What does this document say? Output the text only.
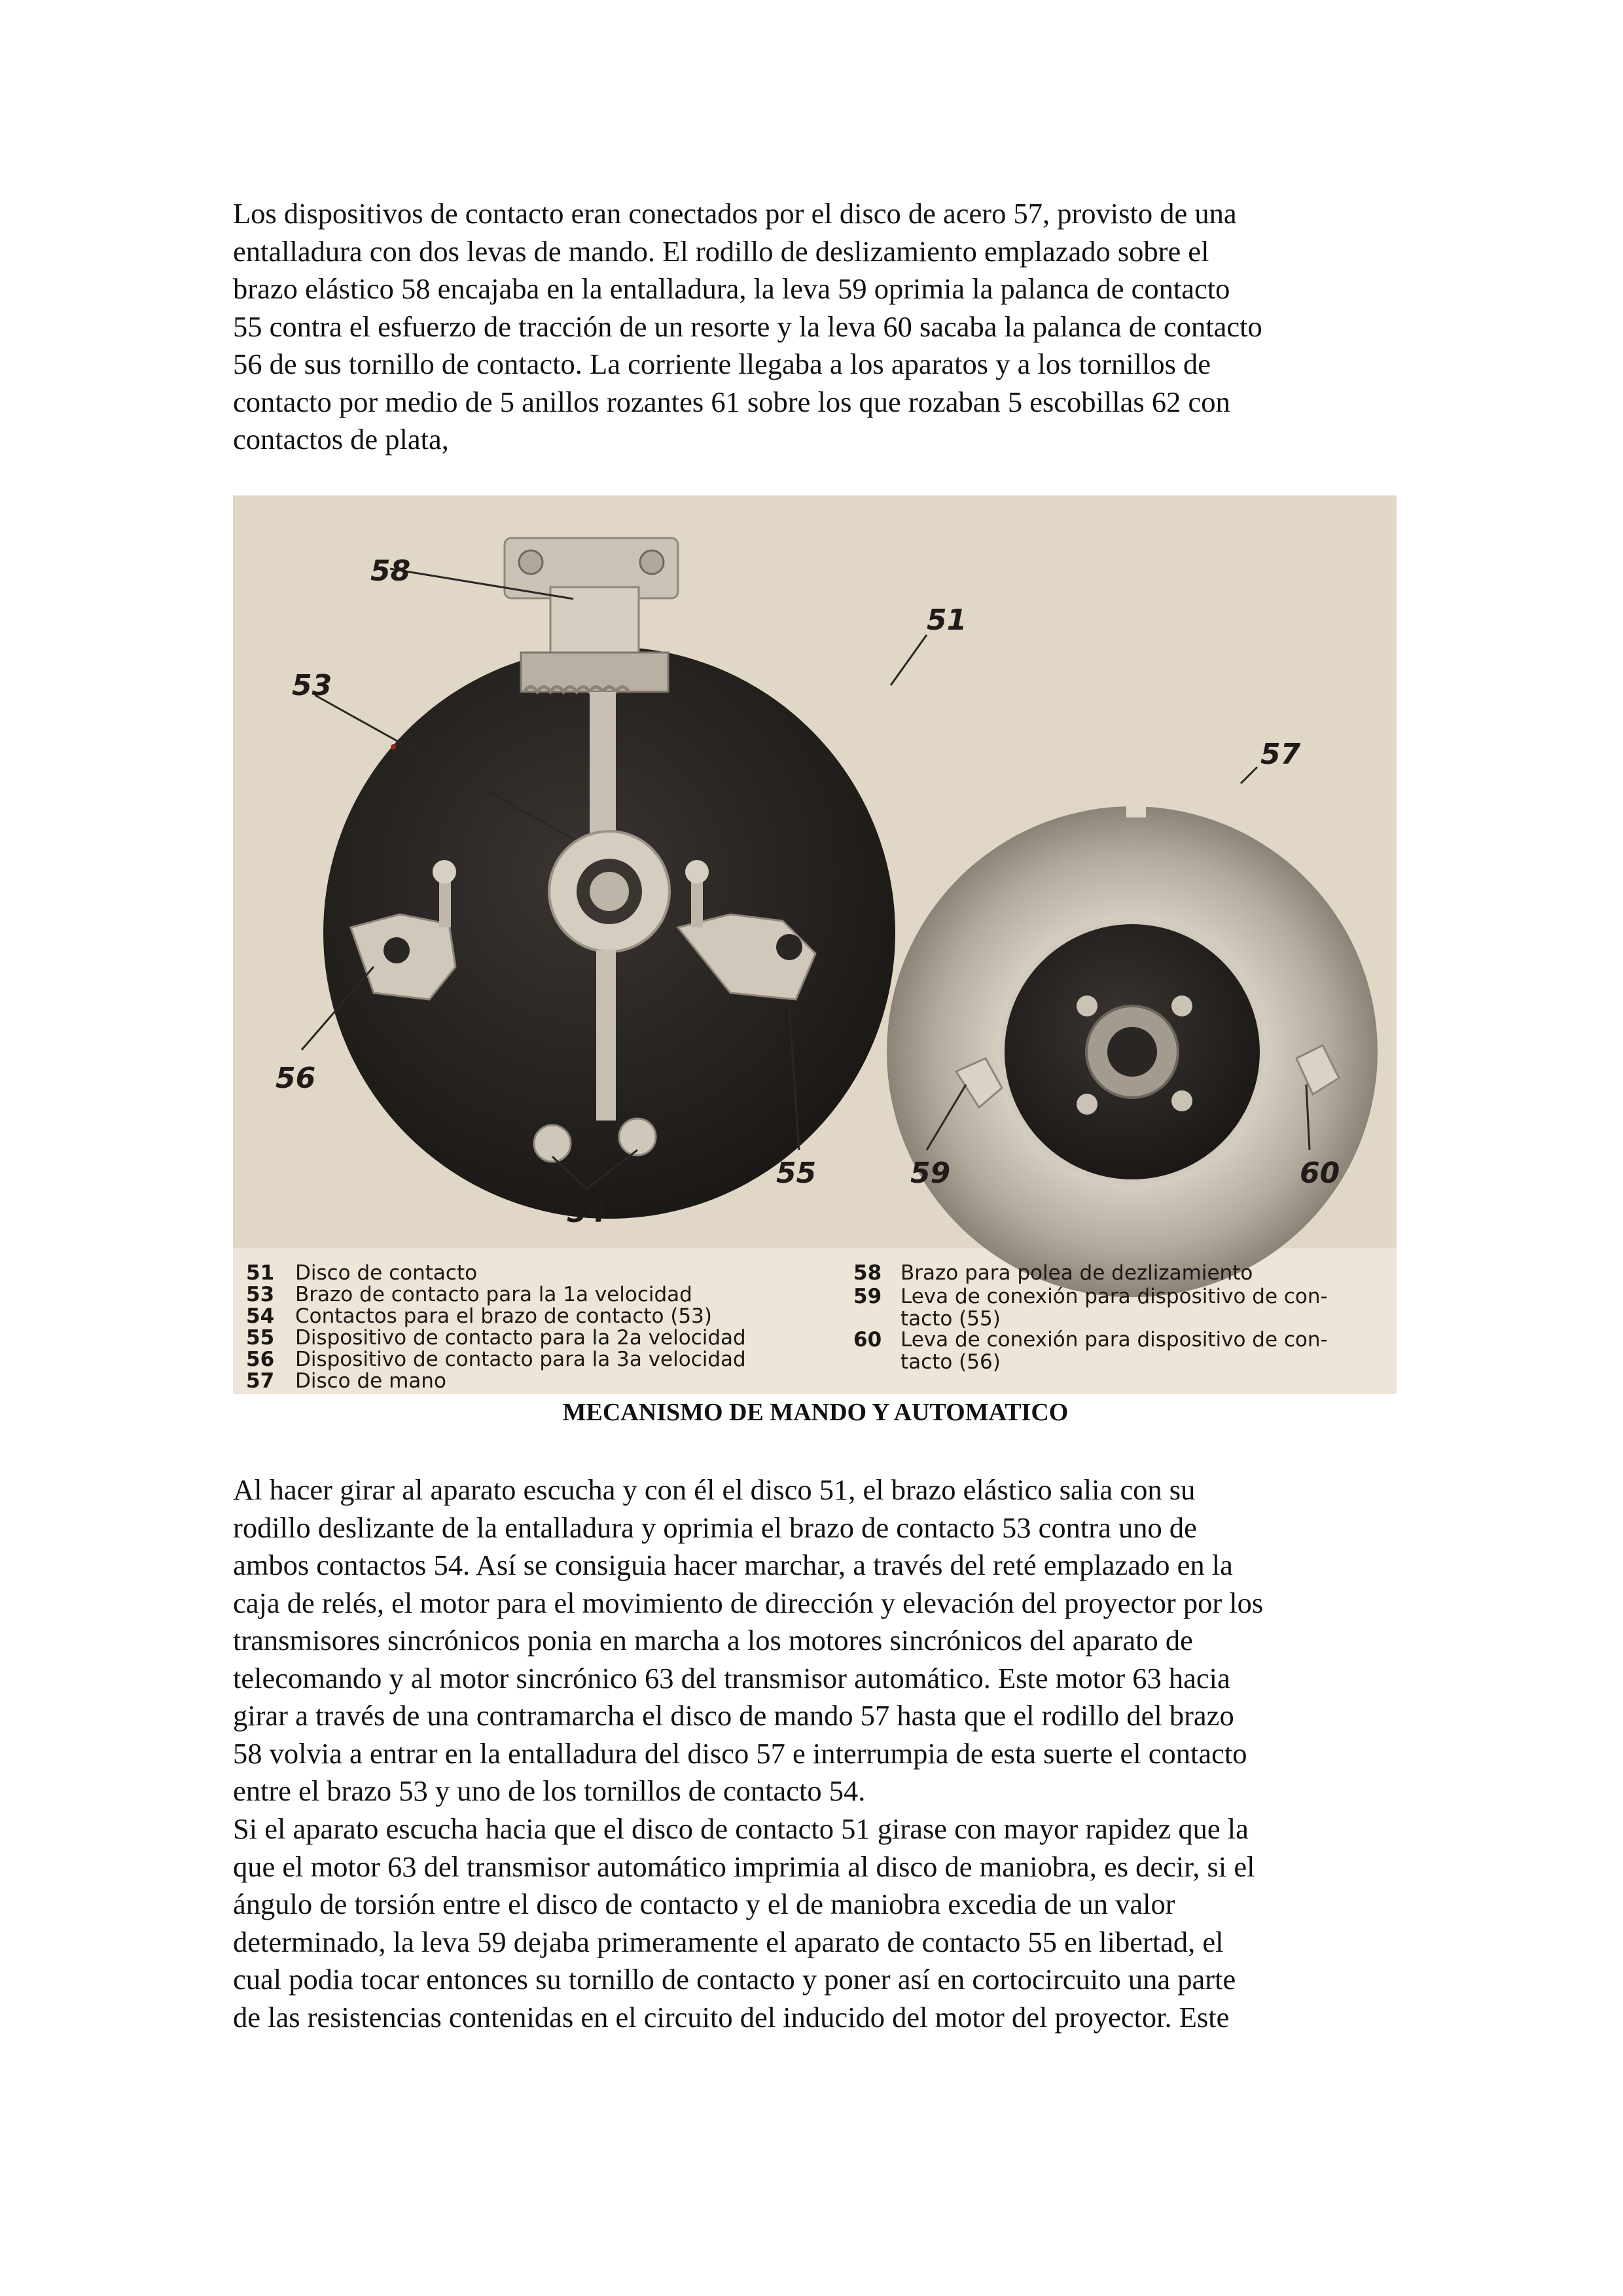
Los dispositivos de contacto eran conectados por el disco de acero 57, provisto de una
entalladura con dos levas de mando. El rodillo de deslizamiento emplazado sobre el
brazo elástico 58 encajaba en la entalladura, la leva 59 oprimia la palanca de contacto
55 contra el esfuerzo de tracción de un resorte y la leva 60 sacaba la palanca de contacto
56 de sus tornillo de contacto. La corriente llegaba a los aparatos y a los tornillos de
contacto por medio de 5 anillos rozantes 61 sobre los que rozaban 5 escobillas 62 con
contactos de plata,
58
51
53
57
56
55
54
59	60
51 Disco de contacto
53 Brazo de contacto para la 1a velocidad
54 Contactos para el brazo de contacto (53)
55 Dispositivo de contacto para la 2a velocidad
56 Dispositivo de contacto para la 3a velocidad
57 Disco de mano
58 Brazo para polea de dezlizamiento
59 Leva de conexión para dispositivo de con-
tacto (55)
60 Leva de conexión para dispositivo de con-
tacto (56)

MECANISMO DE MANDO Y AUTOMATICO

Al hacer girar al aparato escucha y con él el disco 51, el brazo elástico salia con su
rodillo deslizante de la entalladura y oprimia el brazo de contacto 53 contra uno de
ambos contactos 54. Así se consiguia hacer marchar, a través del reté emplazado en la
caja de relés, el motor para el movimiento de dirección y elevación del proyector por los
transmisores sincrónicos ponia en marcha a los motores sincrónicos del aparato de
telecomando y al motor sincrónico 63 del transmisor automático. Este motor 63 hacia
girar a través de una contramarcha el disco de mando 57 hasta que el rodillo del brazo
58 volvia a entrar en la entalladura del disco 57 e interrumpia de esta suerte el contacto
entre el brazo 53 y uno de los tornillos de contacto 54.
Si el aparato escucha hacia que el disco de contacto 51 girase con mayor rapidez que la
que el motor 63 del transmisor automático imprimia al disco de maniobra, es decir, si el
ángulo de torsión entre el disco de contacto y el de maniobra excedia de un valor
determinado, la leva 59 dejaba primeramente el aparato de contacto 55 en libertad, el
cual podia tocar entonces su tornillo de contacto y poner así en cortocircuito una parte
de las resistencias contenidas en el circuito del inducido del motor del proyector. Este
